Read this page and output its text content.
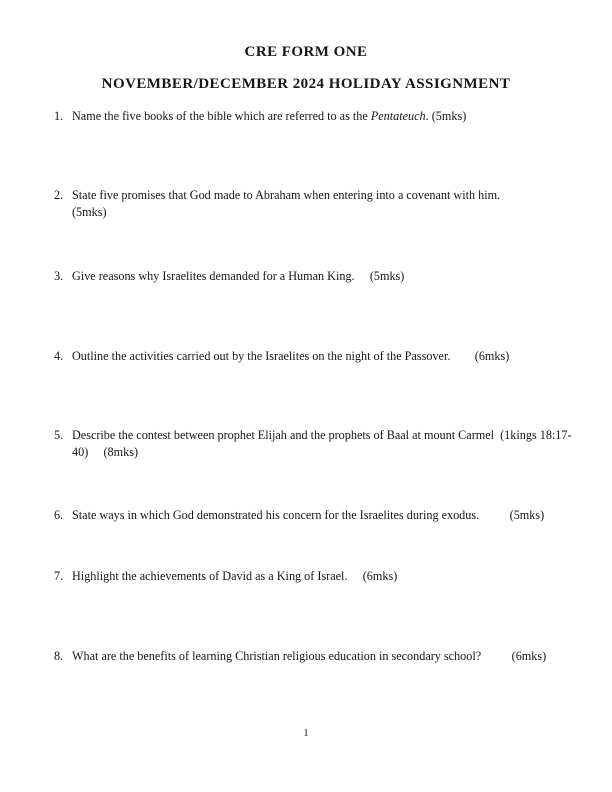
CRE FORM ONE
NOVEMBER/DECEMBER 2024 HOLIDAY ASSIGNMENT
1. Name the five books of the bible which are referred to as the Pentateuch. (5mks)
2. State five promises that God made to Abraham when entering into a covenant with him.
(5mks)
3. Give reasons why Israelites demanded for a Human King.     (5mks)
4. Outline the activities carried out by the Israelites on the night of the Passover.        (6mks)
5. Describe the contest between prophet Elijah and the prophets of Baal at mount Carmel  (1kings 18:17-
40)     (8mks)
6. State ways in which God demonstrated his concern for the Israelites during exodus.          (5mks)
7. Highlight the achievements of David as a King of Israel.     (6mks)
8. What are the benefits of learning Christian religious education in secondary school?          (6mks)
1
